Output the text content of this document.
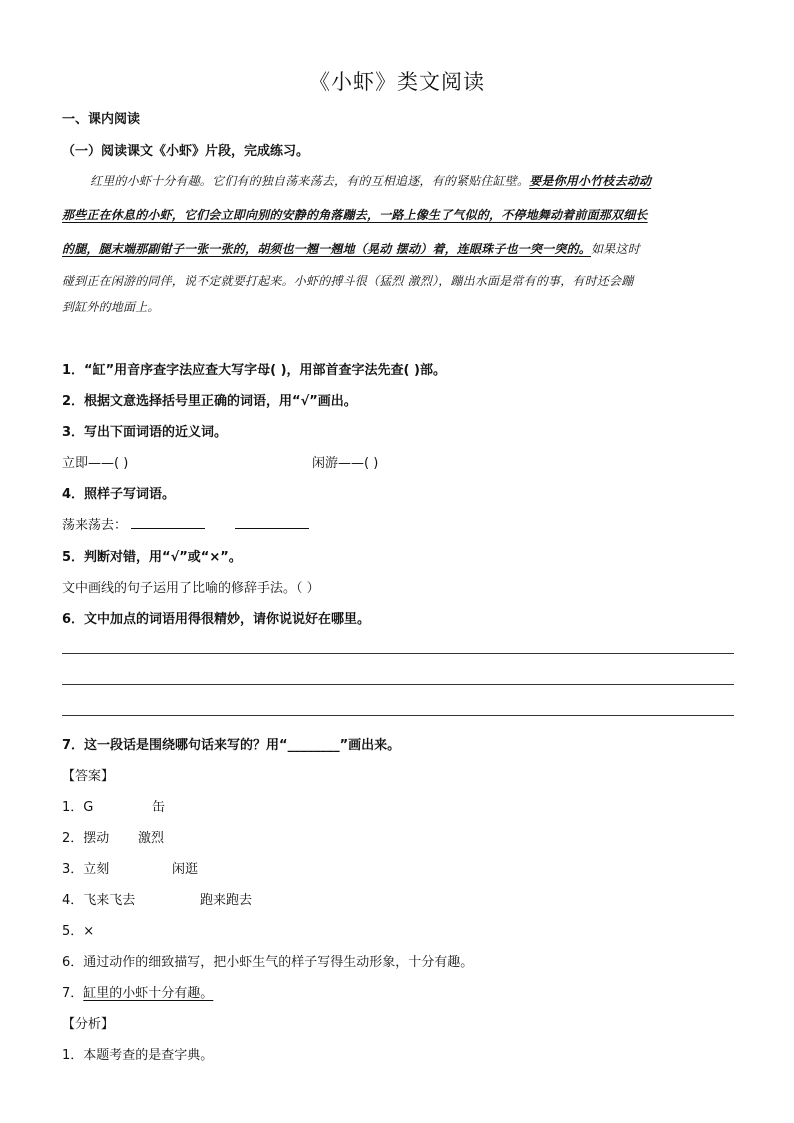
《小虾》类文阅读
一、课内阅读
（一）阅读课文《小虾》片段，完成练习。
红里的小虾十分有趣。它们有的独自荡来荡去，有的互相追逐，有的紧贴住缸壁。要是你用小竹枝去动动
那些正在休息的小虾，它们会立即向别的安静的角落蹦去，一路上像生了气似的，不停地舞动着前面那双细长
的腿，腿末端那副钳子一张一张的，胡须也一翘一翘地（晃动 摆动）着，连眼珠子也一突一突的。如果这时
碰到正在闲游的同伴，说不定就要打起来。小虾的搏斗很（猛烈 激烈），蹦出水面是常有的事，有时还会蹦
到缸外的地面上。
1．“缸”用音序查字法应查大写字母( )，用部首查字法先查( )部。
2．根据文意选择括号里正确的词语，用“√”画出。
3．写出下面词语的近义词。
立即——( )	闲游——( )
4．照样子写词语。
荡来荡去：
5．判断对错，用“√”或“×”。
文中画线的句子运用了比喻的修辞手法。（ ）
6．文中加点的词语用得很精妙，请你说说好在哪里。
7．这一段话是围绕哪句话来写的？用“________”画出来。
【答案】
1．G	缶
2．摆动 激烈
3．立刻	闲逛
4．飞来飞去	跑来跑去
5．×
6．通过动作的细致描写，把小虾生气的样子写得生动形象，十分有趣。
7．缸里的小虾十分有趣。
【分析】
1．本题考查的是查字典。
